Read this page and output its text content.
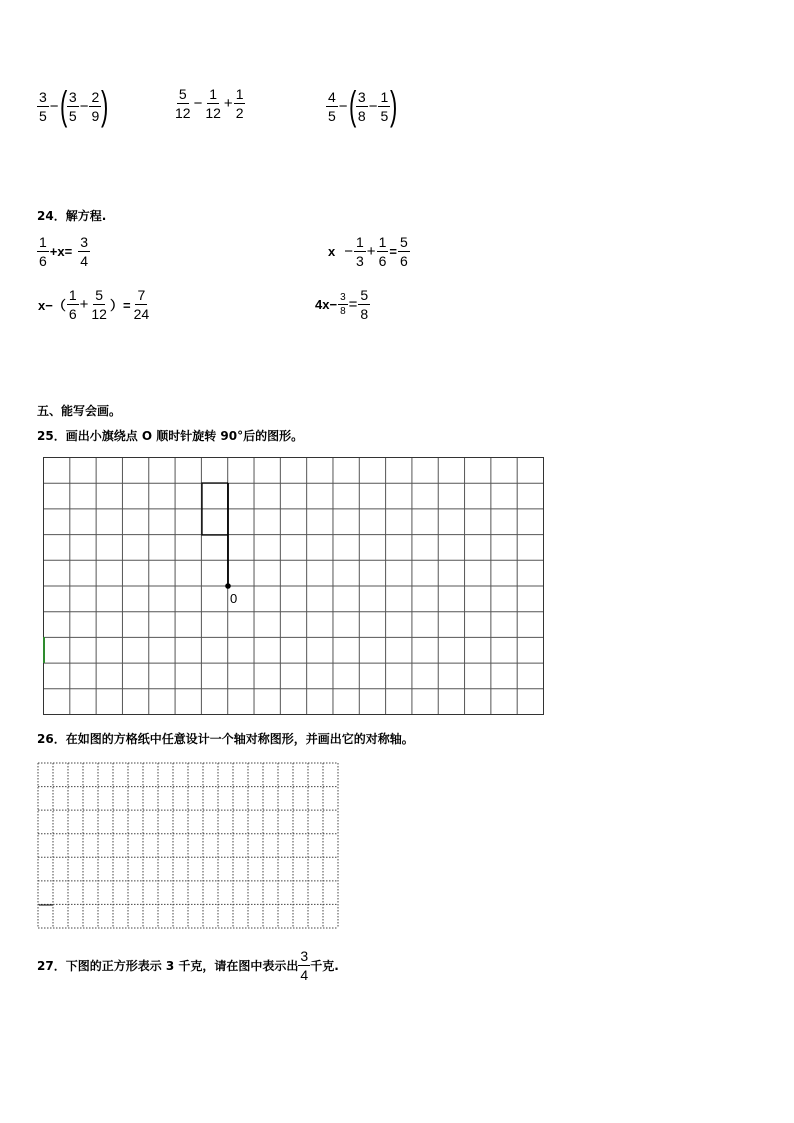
$\frac{3}{5}$ −( $\frac{3}{5} - \frac{2}{9}$ )	$\frac{5}{12} - \frac{1}{12} + \frac{1}{2}$	$\frac{4}{5}$ −( $\frac{3}{8} - \frac{1}{5}$ )
24．解方程.
$\frac{1}{6} +x= \frac{3}{4}$	$x - \frac{1}{3} + \frac{1}{6} = \frac{5}{6}$
$x-( \frac{1}{6} + \frac{5}{12}$ ）= $\frac{7}{24}$	$4x- \frac{3}{8} = \frac{5}{8}$
五、能写会画。
25．画出小旗绕点 O 顺时针旋转 90°后的图形。
0
26．在如图的方格纸中任意设计一个轴对称图形，并画出它的对称轴。
27．下图的正方形表示 3 千克，请在图中表示出 $\frac{3}{4}$ 千克.
